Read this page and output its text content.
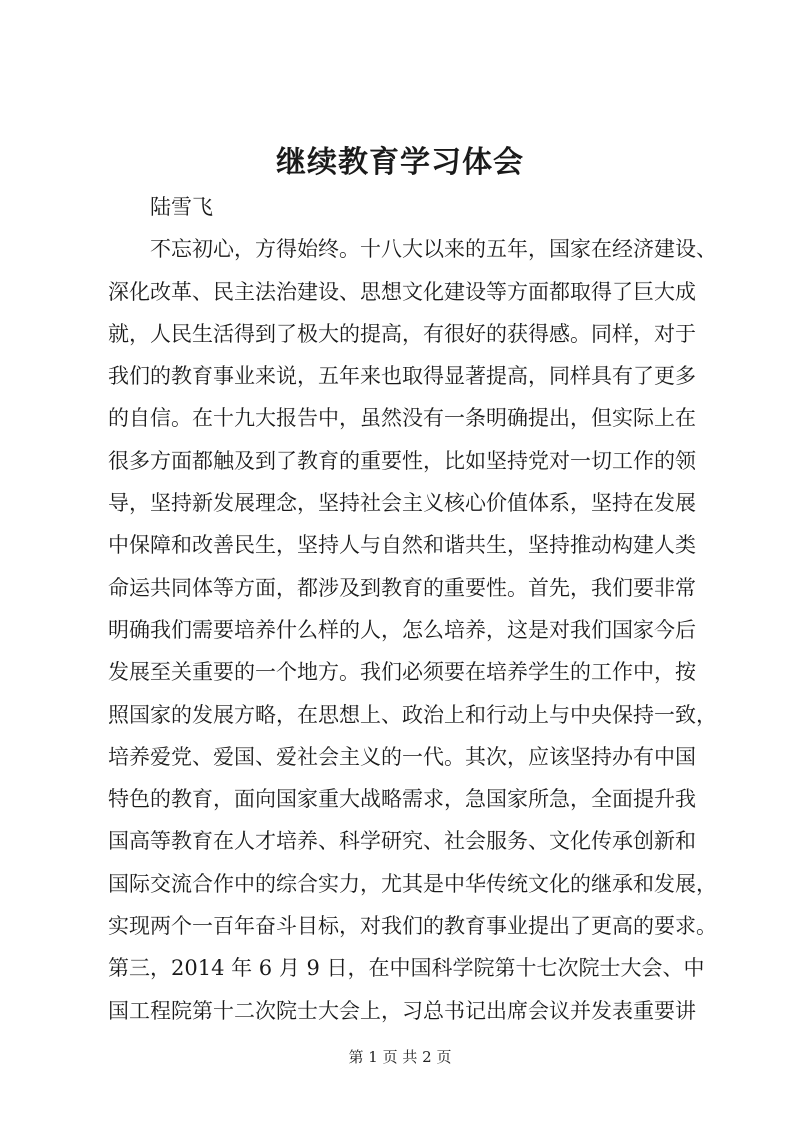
继续教育学习体会
陆雪飞
不忘初心，方得始终。十八大以来的五年，国家在经济建设、
深化改革、民主法治建设、思想文化建设等方面都取得了巨大成
就，人民生活得到了极大的提高，有很好的获得感。同样，对于
我们的教育事业来说，五年来也取得显著提高，同样具有了更多
的自信。在十九大报告中，虽然没有一条明确提出，但实际上在
很多方面都触及到了教育的重要性，比如坚持党对一切工作的领
导，坚持新发展理念，坚持社会主义核心价值体系，坚持在发展
中保障和改善民生，坚持人与自然和谐共生，坚持推动构建人类
命运共同体等方面，都涉及到教育的重要性。首先，我们要非常
明确我们需要培养什么样的人，怎么培养，这是对我们国家今后
发展至关重要的一个地方。我们必须要在培养学生的工作中，按
照国家的发展方略，在思想上、政治上和行动上与中央保持一致，
培养爱党、爱国、爱社会主义的一代。其次，应该坚持办有中国
特色的教育，面向国家重大战略需求，急国家所急，全面提升我
国高等教育在人才培养、科学研究、社会服务、文化传承创新和
国际交流合作中的综合实力，尤其是中华传统文化的继承和发展，
实现两个一百年奋斗目标，对我们的教育事业提出了更高的要求。
第三，2014 年 6 月 9 日，在中国科学院第十七次院士大会、中
国工程院第十二次院士大会上，习总书记出席会议并发表重要讲
第 1 页 共 2 页
